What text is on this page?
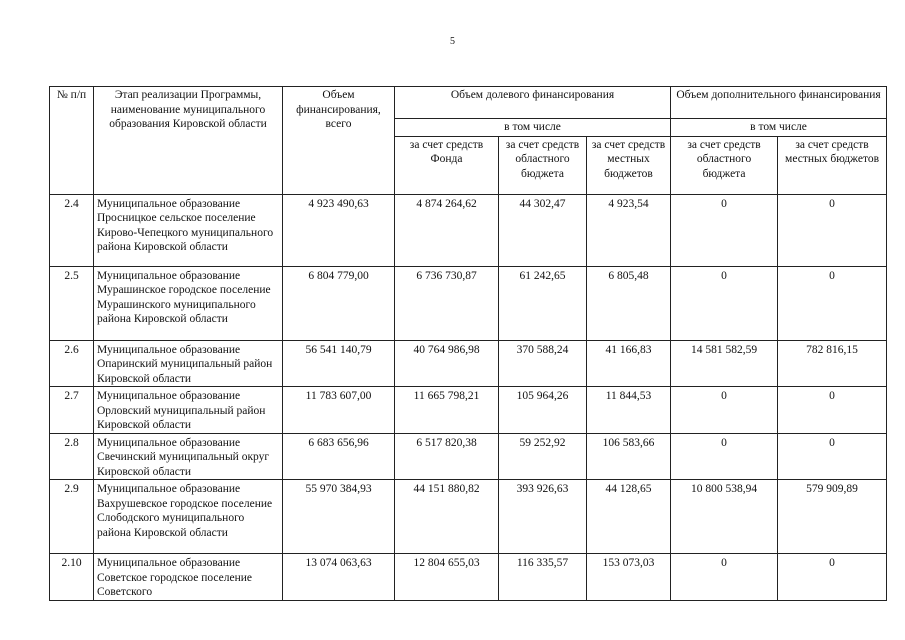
5
№ п/п	Этап реализации Программы, наименование муниципального образования Кировской области	Объем финансирования, всего	Объем долевого финансирования			Объем дополнительного финансирования	
			в том числе			в том числе	
			за счет средств Фонда	за счет средств областного бюджета	за счет средств местных бюджетов	за счет средств областного бюджета	за счет средств местных бюджетов
2.4	Муниципальное образование Просницкое сельское поселение Кирово-Чепецкого муниципального района Кировской области	4 923 490,63	4 874 264,62	44 302,47	4 923,54	0	0
2.5	Муниципальное образование Мурашинское городское поселение Мурашинского муниципального района Кировской области	6 804 779,00	6 736 730,87	61 242,65	6 805,48	0	0
2.6	Муниципальное образование Опаринский муниципальный район Кировской области	56 541 140,79	40 764 986,98	370 588,24	41 166,83	14 581 582,59	782 816,15
2.7	Муниципальное образование Орловский муниципальный район Кировской области	11 783 607,00	11 665 798,21	105 964,26	11 844,53	0	0
2.8	Муниципальное образование Свечинский муниципальный округ Кировской области	6 683 656,96	6 517 820,38	59 252,92	106 583,66	0	0
2.9	Муниципальное образование Вахрушевское городское поселение Слободского муниципального района Кировской области	55 970 384,93	44 151 880,82	393 926,63	44 128,65	10 800 538,94	579 909,89
2.10	Муниципальное образование Советское городское поселение Советского	13 074 063,63	12 804 655,03	116 335,57	153 073,03	0	0
